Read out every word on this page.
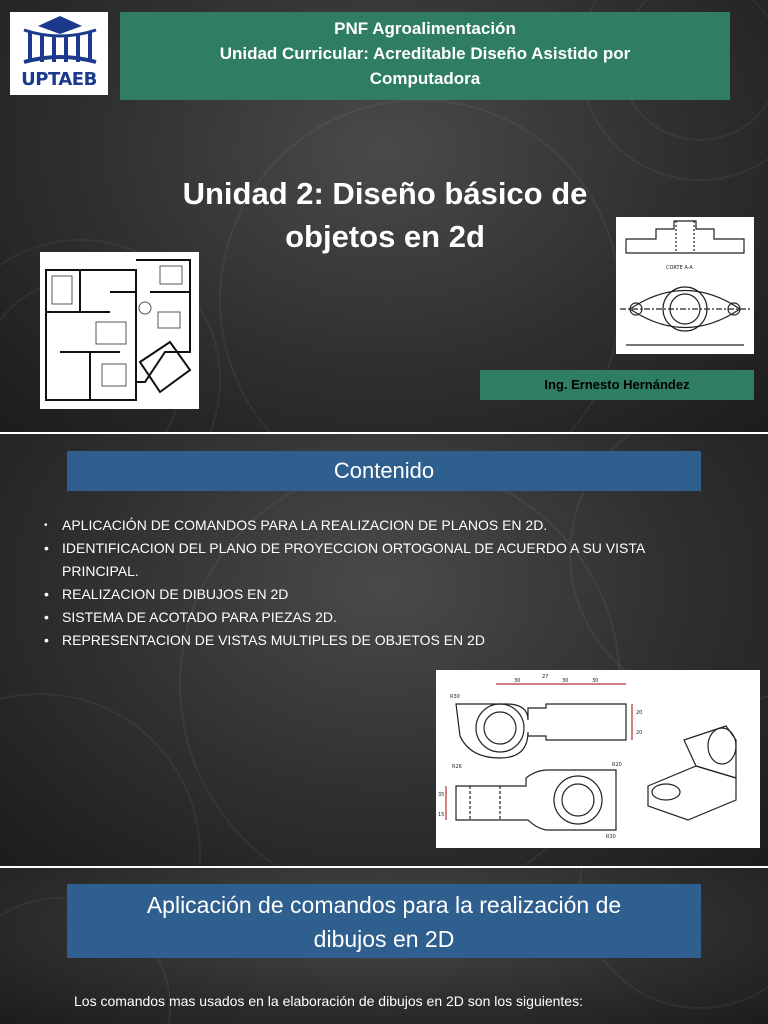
UPTAEB
PNF Agroalimentación
Unidad Curricular: Acreditable Diseño Asistido por
Computadora
Unidad 2: Diseño básico de
objetos en 2d
CORTE A-A
Ing. Ernesto Hernández
Contenido
• APLICACIÓN DE COMANDOS PARA LA REALIZACION DE PLANOS EN 2D.
• IDENTIFICACION DEL PLANO DE PROYECCION ORTOGONAL DE ACUERDO A SU VISTA PRINCIPAL.
• REALIZACION DE DIBUJOS EN 2D
• SISTEMA DE ACOTADO PARA PIEZAS 2D.
• REPRESENTACION DE VISTAS MULTIPLES DE OBJETOS EN 2D
30
27
30	30
R30
R26	R20
R30
20
20
35
15
Aplicación de comandos para la realización de
dibujos en 2D
Los comandos mas usados en la elaboración de dibujos en 2D son los siguientes:
